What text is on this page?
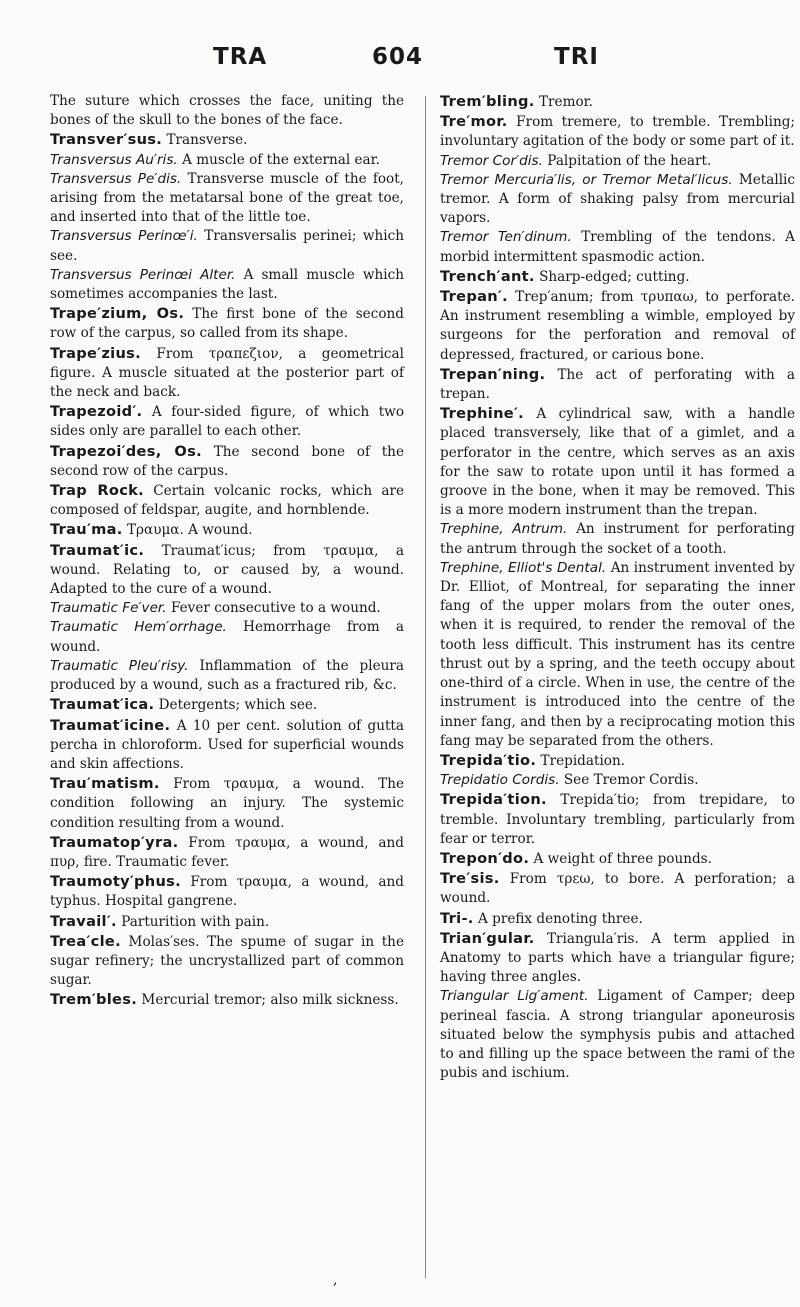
TRA	604	TRI

The suture which crosses the face, uniting the bones of the skull to the bones of the face.

Transver′sus. Transverse.

Transversus Au′ris. A muscle of the external ear.

Transversus Pe′dis. Transverse muscle of the foot, arising from the metatarsal bone of the great toe, and inserted into that of the little toe.

Transversus Perinœ′i. Transversalis perinei; which see.

Transversus Perinœi Alter. A small muscle which sometimes accompanies the last.

Trape′zium, Os. The first bone of the second row of the carpus, so called from its shape.

Trape′zius. From τραπεζιον, a geometrical figure. A muscle situated at the posterior part of the neck and back.

Trapezoid′. A four-sided figure, of which two sides only are parallel to each other.

Trapezoi′des, Os. The second bone of the second row of the carpus.

Trap Rock. Certain volcanic rocks, which are composed of feldspar, augite, and hornblende.

Trau′ma. Τραυμα. A wound.

Traumat′ic. Traumat′icus; from τραυμα, a wound. Relating to, or caused by, a wound. Adapted to the cure of a wound.

Traumatic Fe′ver. Fever consecutive to a wound.

Traumatic Hem′orrhage. Hemorrhage from a wound.

Traumatic Pleu′risy. Inflammation of the pleura produced by a wound, such as a fractured rib, &c.

Traumat′ica. Detergents; which see.

Traumat′icine. A 10 per cent. solution of gutta percha in chloroform. Used for superficial wounds and skin affections.

Trau′matism. From τραυμα, a wound. The condition following an injury. The systemic condition resulting from a wound.

Traumatop′yra. From τραυμα, a wound, and πυρ, fire. Traumatic fever.

Traumoty′phus. From τραυμα, a wound, and typhus. Hospital gangrene.

Travail′. Parturition with pain.

Trea′cle. Molas′ses. The spume of sugar in the sugar refinery; the uncrystallized part of common sugar.

Trem′bles. Mercurial tremor; also milk sickness.

Trem′bling. Tremor.

Tre′mor. From tremere, to tremble. Trembling; involuntary agitation of the body or some part of it.

Tremor Cor′dis. Palpitation of the heart.

Tremor Mercuria′lis, or Tremor Metal′licus. Metallic tremor. A form of shaking palsy from mercurial vapors.

Tremor Ten′dinum. Trembling of the tendons. A morbid intermittent spasmodic action.

Trench′ant. Sharp-edged; cutting.

Trepan′. Trep′anum; from τρυπαω, to perforate. An instrument resembling a wimble, employed by surgeons for the perforation and removal of depressed, fractured, or carious bone.

Trepan′ning. The act of perforating with a trepan.

Trephine′. A cylindrical saw, with a handle placed transversely, like that of a gimlet, and a perforator in the centre, which serves as an axis for the saw to rotate upon until it has formed a groove in the bone, when it may be removed. This is a more modern instrument than the trepan.

Trephine, Antrum. An instrument for perforating the antrum through the socket of a tooth.

Trephine, Elliot's Dental. An instrument invented by Dr. Elliot, of Montreal, for separating the inner fang of the upper molars from the outer ones, when it is required, to render the removal of the tooth less difficult. This instrument has its centre thrust out by a spring, and the teeth occupy about one-third of a circle. When in use, the centre of the instrument is introduced into the centre of the inner fang, and then by a reciprocating motion this fang may be separated from the others.

Trepida′tio. Trepidation.

Trepidatio Cordis. See Tremor Cordis.

Trepida′tion. Trepida′tio; from trepidare, to tremble. Involuntary trembling, particularly from fear or terror.

Trepon′do. A weight of three pounds.

Tre′sis. From τρεω, to bore. A perforation; a wound.

Tri-. A prefix denoting three.

Trian′gular. Triangula′ris. A term applied in Anatomy to parts which have a triangular figure; having three angles.

Triangular Lig′ament. Ligament of Camper; deep perineal fascia. A strong triangular aponeurosis situated below the symphysis pubis and attached to and filling up the space between the rami of the pubis and ischium.

,
